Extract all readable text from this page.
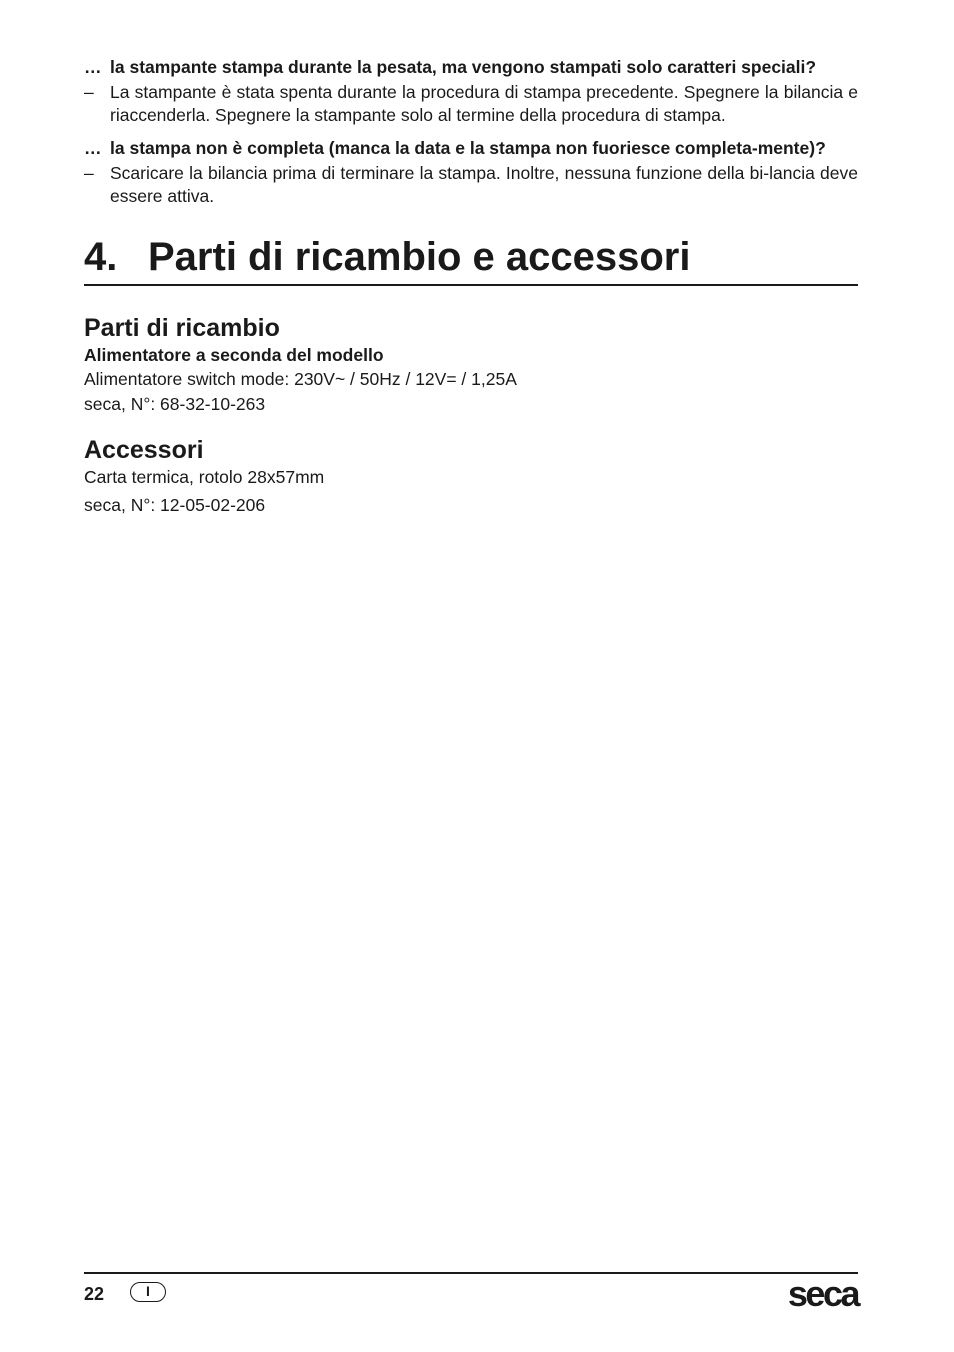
… la stampante stampa durante la pesata, ma vengono stampati solo caratteri speciali?

– La stampante è stata spenta durante la procedura di stampa precedente. Spegnere la bilancia e riaccenderla. Spegnere la stampante solo al termine della procedura di stampa.

… la stampa non è completa (manca la data e la stampa non fuoriesce completa-mente)?

– Scaricare la bilancia prima di terminare la stampa. Inoltre, nessuna funzione della bi-lancia deve essere attiva.

4. Parti di ricambio e accessori
Parti di ricambio

Alimentatore a seconda del modello

Alimentatore switch mode: 230V~ / 50Hz / 12V= / 1,25A

seca, N°: 68-32-10-263

Accessori

Carta termica, rotolo 28x57mm

seca, N°: 12-05-02-206

22	I	seca
